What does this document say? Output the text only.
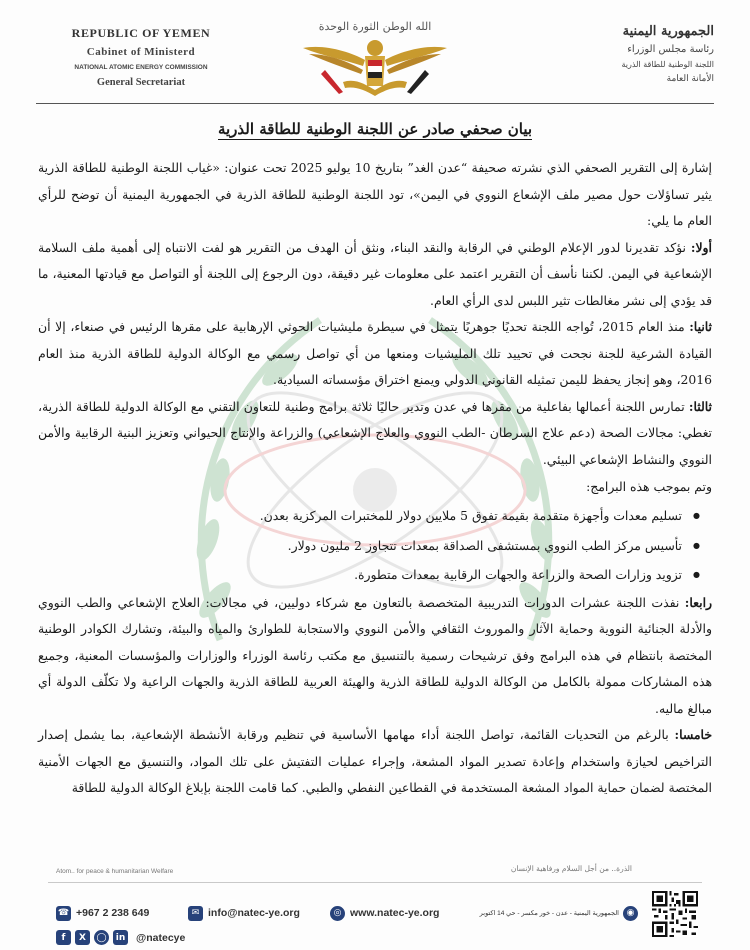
REPUBLIC OF YEMEN
Cabinet of Ministerd
NATIONAL ATOMIC ENERGY COMMISSION
General Secretariat
الله الوطن الثورة الوحدة	الجمهورية اليمنية
رئاسة مجلس الوزراء
اللجنة الوطنية للطاقة الذرية
الأمانة العامة
بيان صحفي صادر عن اللجنة الوطنية للطاقة الذرية

إشارة إلى التقرير الصحفي الذي نشرته صحيفة “عدن الغد” بتاريخ 10 يوليو 2025 تحت عنوان: «غياب اللجنة الوطنية للطاقة الذرية يثير تساؤلات حول مصير ملف الإشعاع النووي في اليمن»، تود اللجنة الوطنية للطاقة الذرية في الجمهورية اليمنية أن توضح للرأي العام ما يلي:

أولا: نؤكد تقديرنا لدور الإعلام الوطني في الرقابة والنقد البناء، ونثق أن الهدف من التقرير هو لفت الانتباه إلى أهمية ملف السلامة الإشعاعية في اليمن. لكننا نأسف أن التقرير اعتمد على معلومات غير دقيقة، دون الرجوع إلى اللجنة أو التواصل مع قيادتها المعنية، ما قد يؤدي إلى نشر مغالطات تثير اللبس لدى الرأي العام.

ثانيا: منذ العام 2015، تُواجه اللجنة تحديًا جوهريًا يتمثل في سيطرة مليشيات الحوثي الإرهابية على مقرها الرئيس في صنعاء، إلا أن القيادة الشرعية للجنة نجحت في تحييد تلك المليشيات ومنعها من أي تواصل رسمي مع الوكالة الدولية للطاقة الذرية منذ العام 2016، وهو إنجاز يحفظ لليمن تمثيله القانوني الدولي ويمنع اختراق مؤسساته السيادية.

ثالثا: تمارس اللجنة أعمالها بفاعلية من مقرها في عدن وتدير حاليًا ثلاثة برامج وطنية للتعاون التقني مع الوكالة الدولية للطاقة الذرية، تغطي: مجالات الصحة (دعم علاج السرطان -الطب النووي والعلاج الإشعاعي) والزراعة والإنتاج الحيواني وتعزيز البنية الرقابية والأمن النووي والنشاط الإشعاعي البيئي.

وتم بموجب هذه البرامج:

● تسليم معدات وأجهزة متقدمة بقيمة تفوق 5 ملايين دولار للمختبرات المركزية بعدن.
● تأسيس مركز الطب النووي بمستشفى الصداقة بمعدات تتجاوز 2 مليون دولار.
● تزويد وزارات الصحة والزراعة والجهات الرقابية بمعدات متطورة.

رابعا: نفذت اللجنة عشرات الدورات التدريبية المتخصصة بالتعاون مع شركاء دوليين، في مجالات: العلاج الإشعاعي والطب النووي والأدلة الجنائية النووية وحماية الآثار والموروث الثقافي والأمن النووي والاستجابة للطوارئ والمياه والبيئة، وتشارك الكوادر الوطنية المختصة بانتظام في هذه البرامج وفق ترشيحات رسمية بالتنسيق مع مكتب رئاسة الوزراء والوزارات والمؤسسات المعنية، وجميع هذه المشاركات ممولة بالكامل من الوكالة الدولية للطاقة الذرية والهيئة العربية للطاقة الذرية والجهات الراعية ولا تكلّف الدولة أي مبالغ ماليه.

خامسا: بالرغم من التحديات القائمة، تواصل اللجنة أداء مهامها الأساسية في تنظيم ورقابة الأنشطة الإشعاعية، بما يشمل إصدار التراخيص لحيازة واستخدام وإعادة تصدير المواد المشعة، وإجراء عمليات التفتيش على تلك المواد، والتنسيق مع الجهات الأمنية المختصة لضمان حماية المواد المشعة المستخدمة في القطاعين النفطي والطبي. كما قامت اللجنة بإبلاغ الوكالة الدولية للطاقة

Atom.. for peace & humanitarian Welfare	الذرة.. من أجل السلام ورفاهية الإنسان
☎ +967 2 238 649	✉ info@natec-ye.org	◎ www.natec-ye.org	◉
الجمهورية اليمنية - عدن - خور مكسر - حي 14 اكتوبر
f	X	◯	in @natecye
